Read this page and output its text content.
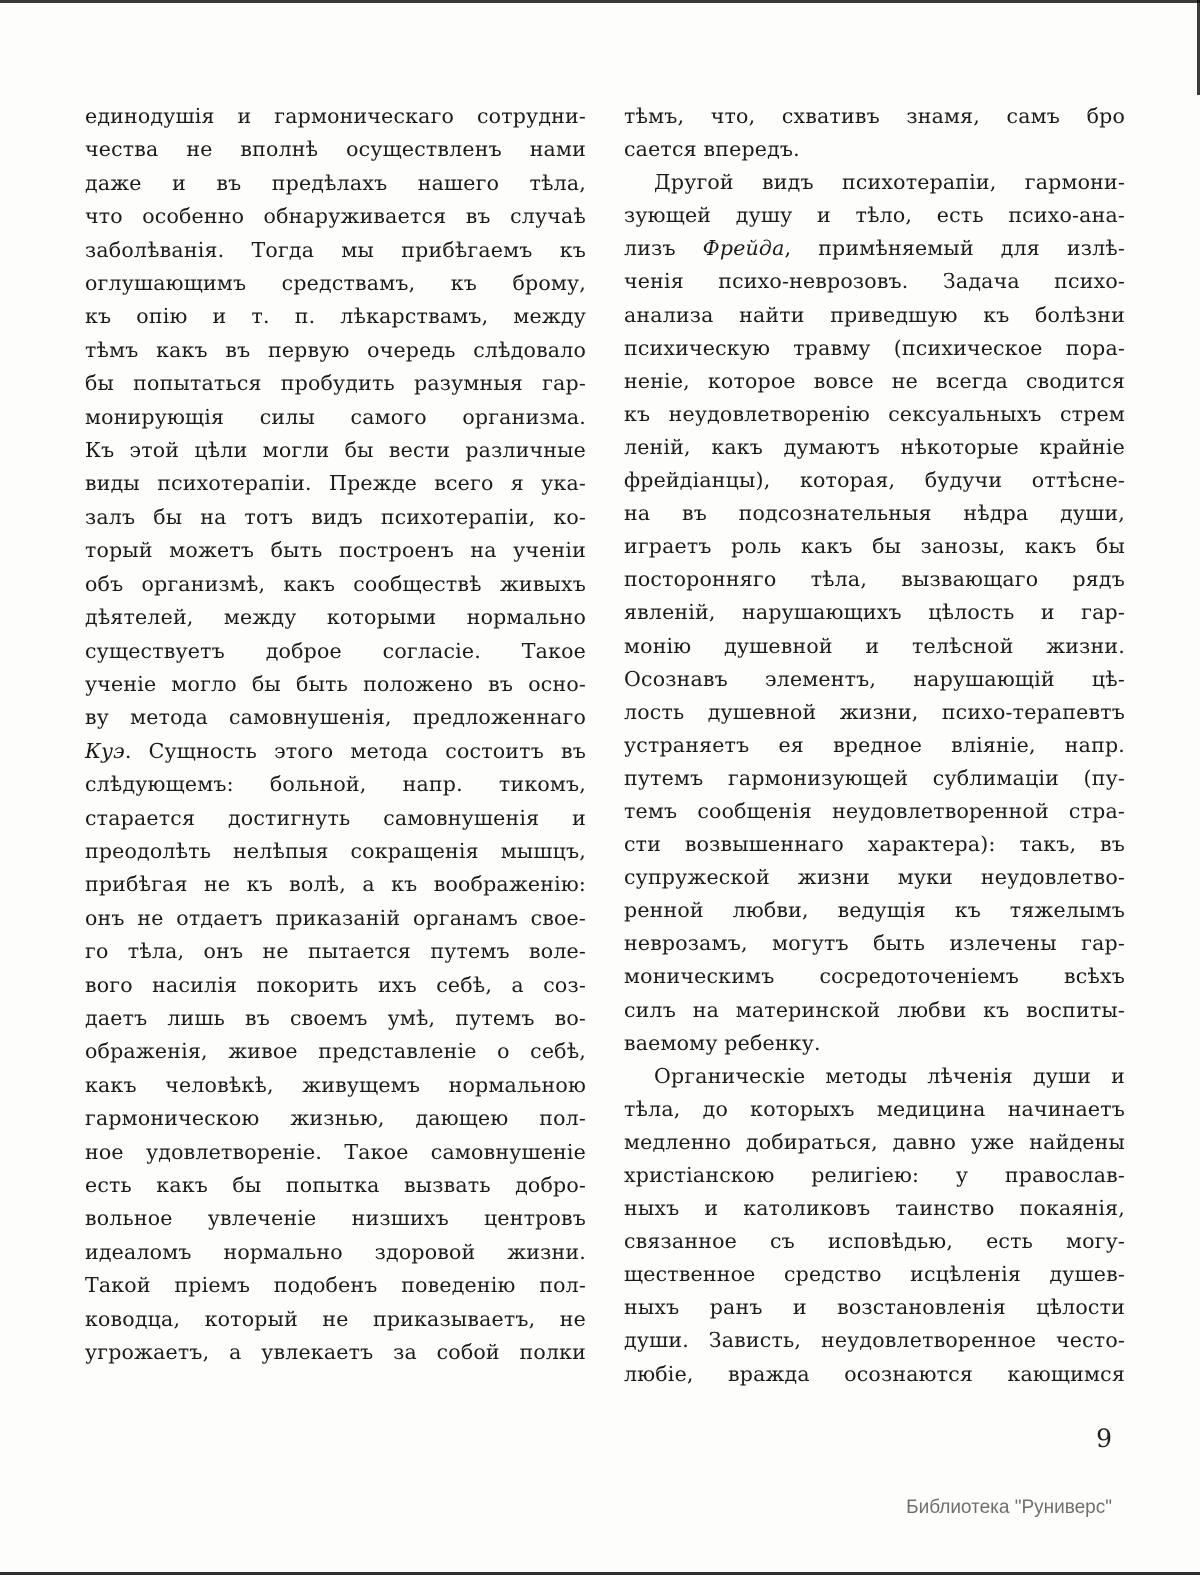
единодушія и гармоническаго сотрудни-
чества не вполнѣ осуществленъ нами
даже и въ предѣлахъ нашего тѣла,
что особенно обнаруживается въ случаѣ
заболѣванія. Тогда мы прибѣгаемъ къ
оглушающимъ средствамъ, къ брому,
къ опію и т. п. лѣкарствамъ, между
тѣмъ какъ въ первую очередь слѣдовало
бы попытаться пробудить разумныя гар-
монирующія силы самого организма.
Къ этой цѣли могли бы вести различные
виды психотерапіи. Прежде всего я ука-
залъ бы на тотъ видъ психотерапіи, ко-
торый можетъ быть построенъ на ученіи
объ организмѣ, какъ сообществѣ живыхъ
дѣятелей, между которыми нормально
существуетъ доброе согласіе. Такое
ученіе могло бы быть положено въ осно-
ву метода самовнушенія, предложеннаго
Куэ. Сущность этого метода состоитъ въ
слѣдующемъ: больной, напр. тикомъ,
старается достигнуть самовнушенія и
преодолѣть нелѣпыя сокращенія мышцъ,
прибѣгая не къ волѣ, а къ воображенію:
онъ не отдаетъ приказаній органамъ свое-
го тѣла, онъ не пытается путемъ воле-
вого насилія покорить ихъ себѣ, а соз-
даетъ лишь въ своемъ умѣ, путемъ во-
ображенія, живое представленіе о себѣ,
какъ человѣкѣ, живущемъ нормальною
гармоническою жизнью, дающею пол-
ное удовлетвореніе. Такое самовнушеніе
есть какъ бы попытка вызвать добро-
вольное увлеченіе низшихъ центровъ
идеаломъ нормально здоровой жизни.
Такой пріемъ подобенъ поведенію пол-
ководца, который не приказываетъ, не
угрожаетъ, а увлекаетъ за собой полки
тѣмъ, что, схвативъ знамя, самъ бро
сается впередъ.
Другой видъ психотерапіи, гармони-
зующей душу и тѣло, есть психо-ана-
лизъ Фрейда, примѣняемый для излѣ-
ченія психо-неврозовъ. Задача психо-
анализа найти приведшую къ болѣзни
психическую травму (психическое пора-
неніе, которое вовсе не всегда сводится
къ неудовлетворенію сексуальныхъ стрем
леній, какъ думаютъ нѣкоторые крайніе
фрейдіанцы), которая, будучи оттѣсне-
на въ подсознательныя нѣдра души,
играетъ роль какъ бы занозы, какъ бы
посторонняго тѣла, вызвающаго рядъ
явленій, нарушающихъ цѣлость и гар-
монію душевной и телѣсной жизни.
Осознавъ элементъ, нарушающій цѣ-
лость душевной жизни, психо-терапевтъ
устраняетъ ея вредное вліяніе, напр.
путемъ гармонизующей сублимаціи (пу-
темъ сообщенія неудовлетворенной стра-
сти возвышеннаго характера): такъ, въ
супружеской жизни муки неудовлетво-
ренной любви, ведущія къ тяжелымъ
неврозамъ, могутъ быть излечены гар-
моническимъ сосредоточеніемъ всѣхъ
силъ на материнской любви къ воспиты-
ваемому ребенку.
Органическіе методы лѣченія души и
тѣла, до которыхъ медицина начинаетъ
медленно добираться, давно уже найдены
христіанскою религіею: у православ-
ныхъ и католиковъ таинство покаянія,
связанное съ исповѣдью, есть могу-
щественное средство исцѣленія душев-
ныхъ ранъ и возстановленія цѣлости
души. Зависть, неудовлетворенное често-
любіе, вражда осознаются кающимся
9
Библиотека "Руниверс"
